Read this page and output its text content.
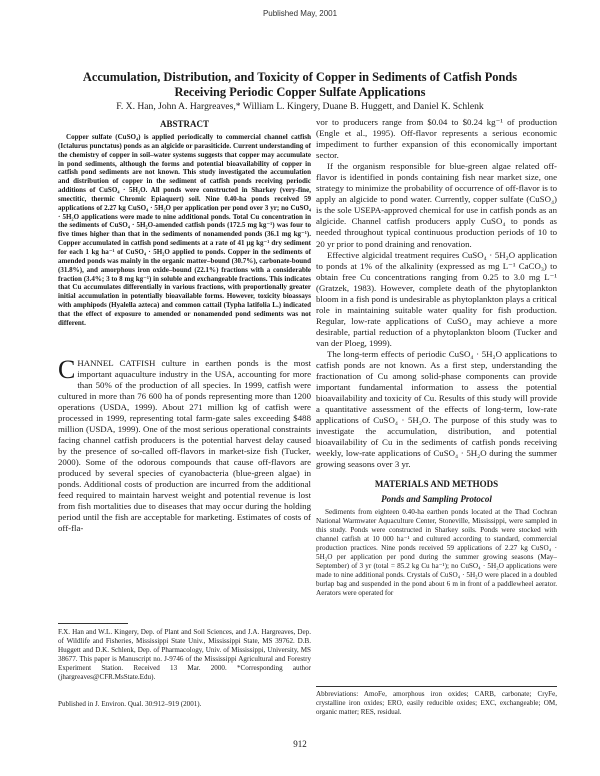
Published May, 2001
Accumulation, Distribution, and Toxicity of Copper in Sediments of Catfish Ponds
Receiving Periodic Copper Sulfate Applications
F. X. Han, John A. Hargreaves,* William L. Kingery, Duane B. Huggett, and Daniel K. Schlenk
ABSTRACT

Copper sulfate (CuSO₄) is applied periodically to commercial channel catfish (Ictalurus punctatus) ponds as an algicide or parasiticide. Current understanding of the chemistry of copper in soil–water systems suggests that copper may accumulate in pond sediments, although the forms and potential bioavailability of copper in catfish pond sediments are not known. This study investigated the accumulation and distribution of copper in the sediment of catfish ponds receiving periodic additions of CuSO₄ · 5H₂O. All ponds were constructed in Sharkey (very-fine, smectitic, thermic Chromic Epiaquert) soil. Nine 0.40-ha ponds received 59 applications of 2.27 kg CuSO₄ · 5H₂O per application per pond over 3 yr; no CuSO₄ · 5H₂O applications were made to nine additional ponds. Total Cu concentration in the sediments of CuSO₄ · 5H₂O-amended catfish ponds (172.5 mg kg⁻¹) was four to five times higher than that in the sediments of nonamended ponds (36.1 mg kg⁻¹). Copper accumulated in catfish pond sediments at a rate of 41 μg kg⁻¹ dry sediment for each 1 kg ha⁻¹ of CuSO₄ · 5H₂O applied to ponds. Copper in the sediments of amended ponds was mainly in the organic matter–bound (30.7%), carbonate-bound (31.8%), and amorphous iron oxide–bound (22.1%) fractions with a considerable fraction (3.4%; 3 to 8 mg kg⁻¹) in soluble and exchangeable fractions. This indicates that Cu accumulates differentially in various fractions, with proportionally greater initial accumulation in potentially bioavailable forms. However, toxicity bioassays with amphipods (Hyalella azteca) and common cattail (Typha latifolia L.) indicated that the effect of exposure to amended or nonamended pond sediments was not different.

C HANNEL CATFISH culture in earthen ponds is the most important aquaculture industry in the USA, accounting for more than 50% of the production of all species. In 1999, catfish were cultured in more than 76 600 ha of ponds representing more than 1200 operations (USDA, 1999). About 271 million kg of catfish were processed in 1999, representing total farm-gate sales exceeding $488 million (USDA, 1999). One of the most serious operational constraints facing channel catfish producers is the potential harvest delay caused by the presence of so-called off-flavors in market-size fish (Tucker, 2000). Some of the odorous compounds that cause off-flavors are produced by several species of cyanobacteria (blue-green algae) in ponds. Additional costs of production are incurred from the additional feed required to maintain harvest weight and potential revenue is lost from fish mortalities due to diseases that may occur during the holding period until the fish are acceptable for marketing. Estimates of costs of off-fla-

F.X. Han and W.L. Kingery, Dep. of Plant and Soil Sciences, and J.A. Hargreaves, Dep. of Wildlife and Fisheries, Mississippi State Univ., Mississippi State, MS 39762. D.B. Huggett and D.K. Schlenk, Dep. of Pharmacology, Univ. of Mississippi, University, MS 38677. This paper is Manuscript no. J-9746 of the Mississippi Agricultural and Forestry Experiment Station. Received 13 Mar. 2000. *Corresponding author (jhargreaves@CFR.MsState.Edu).
Published in J. Environ. Qual. 30:912–919 (2001).

vor to producers range from $0.04 to $0.24 kg⁻¹ of production (Engle et al., 1995). Off-flavor represents a serious economic impediment to further expansion of this economically important sector.

If the organism responsible for blue-green algae related off-flavor is identified in ponds containing fish near market size, one strategy to minimize the probability of occurrence of off-flavor is to apply an algicide to pond water. Currently, copper sulfate (CuSO₄) is the sole USEPA-approved chemical for use in catfish ponds as an algicide. Channel catfish producers apply CuSO₄ to ponds as needed throughout typical continuous production periods of 10 to 20 yr prior to pond draining and renovation.

Effective algicidal treatment requires CuSO₄ · 5H₂O application to ponds at 1% of the alkalinity (expressed as mg L⁻¹ CaCO₃) to obtain free Cu concentrations ranging from 0.25 to 3.0 mg L⁻¹ (Gratzek, 1983). However, complete death of the phytoplankton bloom in a fish pond is undesirable as phytoplankton plays a critical role in maintaining suitable water quality for fish production. Regular, low-rate applications of CuSO₄ may achieve a more desirable, partial reduction of a phytoplankton bloom (Tucker and van der Ploeg, 1999).

The long-term effects of periodic CuSO₄ · 5H₂O applications to catfish ponds are not known. As a first step, understanding the fractionation of Cu among solid-phase components can provide important fundamental information to assess the potential bioavailability and toxicity of Cu. Results of this study will provide a quantitative assessment of the effects of long-term, low-rate applications of CuSO₄ · 5H₂O. The purpose of this study was to investigate the accumulation, distribution, and potential bioavailability of Cu in the sediments of catfish ponds receiving weekly, low-rate applications of CuSO₄ · 5H₂O during the summer growing seasons over 3 yr.

MATERIALS AND METHODS
Ponds and Sampling Protocol

Sediments from eighteen 0.40-ha earthen ponds located at the Thad Cochran National Warmwater Aquaculture Center, Stoneville, Mississippi, were sampled in this study. Ponds were constructed in Sharkey soils. Ponds were stocked with channel catfish at 10 000 ha⁻¹ and cultured according to standard, commercial production practices. Nine ponds received 59 applications of 2.27 kg CuSO₄ · 5H₂O per application per pond during the summer growing seasons (May–September) of 3 yr (total = 85.2 kg Cu ha⁻¹); no CuSO₄ · 5H₂O applications were made to nine additional ponds. Crystals of CuSO₄ · 5H₂O were placed in a doubled burlap bag and suspended in the pond about 6 m in front of a paddlewheel aerator. Aerators were operated for

Abbreviations: AmoFe, amorphous iron oxides; CARB, carbonate; CryFe, crystalline iron oxides; ERO, easily reducible oxides; EXC, exchangeable; OM, organic matter; RES, residual.
912
